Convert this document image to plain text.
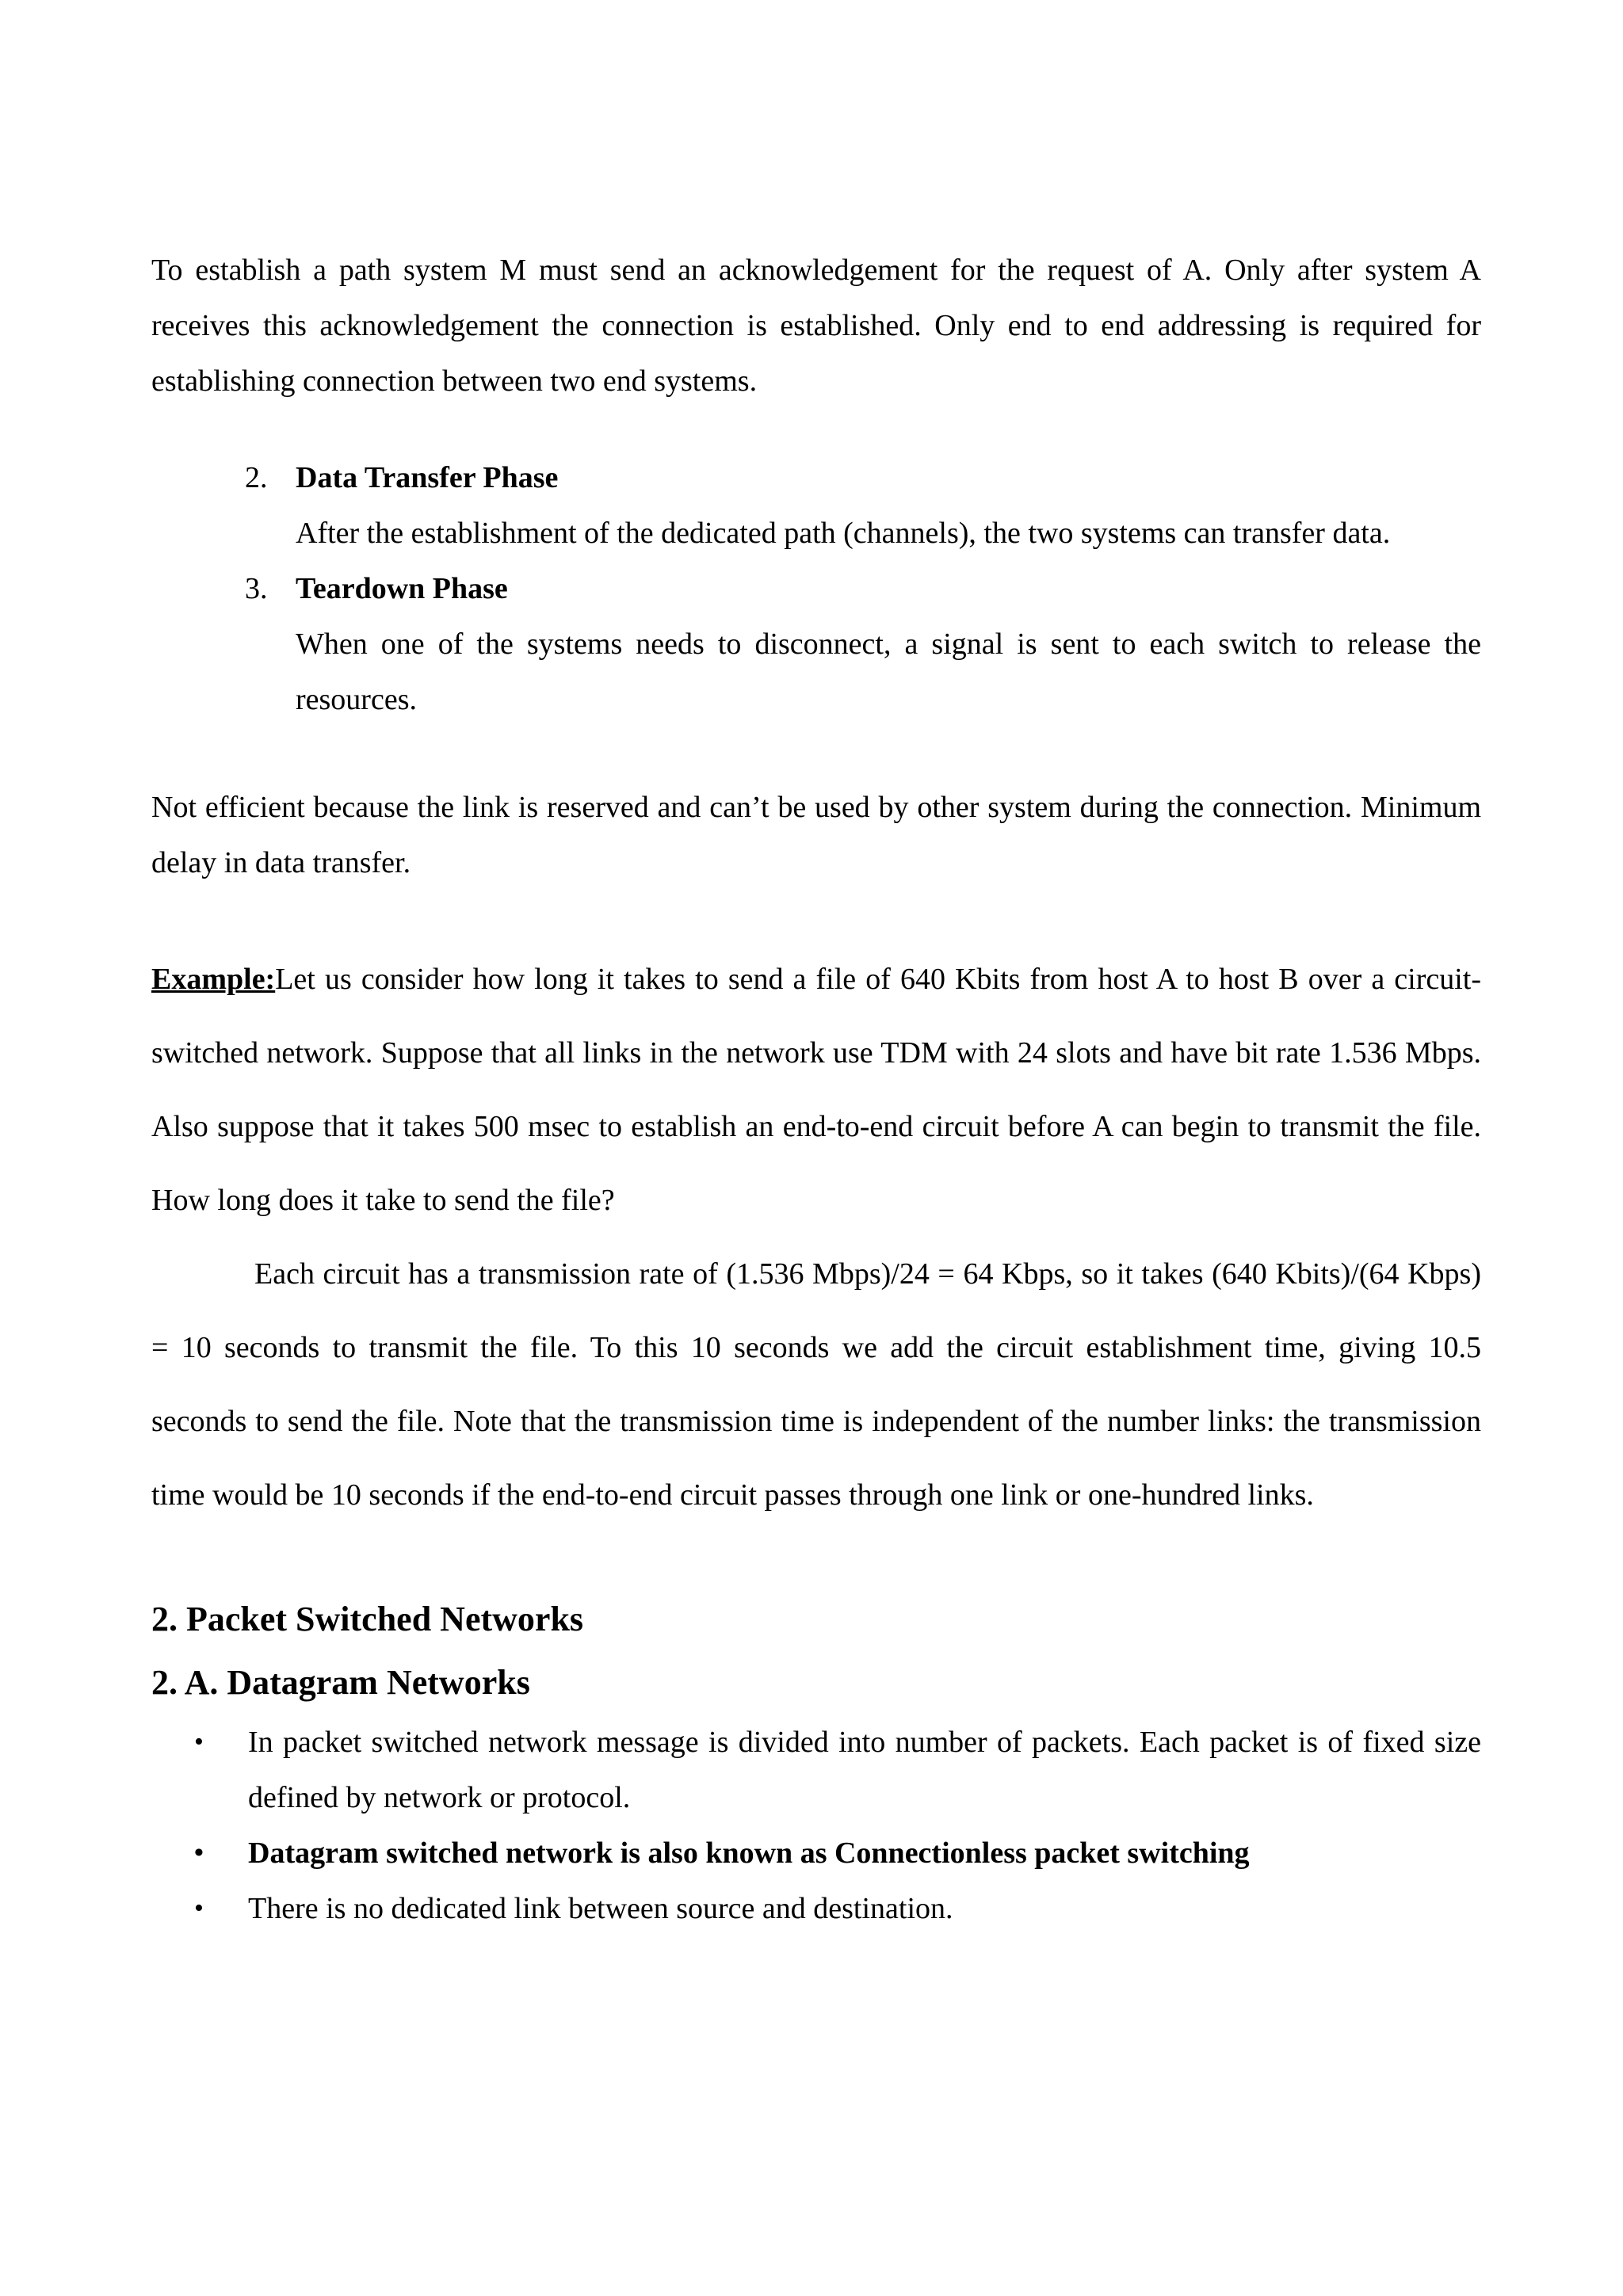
To establish a path system M must send an acknowledgement for the request of A. Only after system A receives this acknowledgement the connection is established. Only end to end addressing is required for establishing connection between two end systems.

2. Data Transfer Phase
After the establishment of the dedicated path (channels), the two systems can transfer data.
3. Teardown Phase
When one of the systems needs to disconnect, a signal is sent to each switch to release the resources.

Not efficient because the link is reserved and can’t be used by other system during the connection. Minimum delay in data transfer.

Example:Let us consider how long it takes to send a file of 640 Kbits from host A to host B over a circuit-switched network. Suppose that all links in the network use TDM with 24 slots and have bit rate 1.536 Mbps. Also suppose that it takes 500 msec to establish an end-to-end circuit before A can begin to transmit the file. How long does it take to send the file?

Each circuit has a transmission rate of (1.536 Mbps)/24 = 64 Kbps, so it takes (640 Kbits)/(64 Kbps) = 10 seconds to transmit the file. To this 10 seconds we add the circuit establishment time, giving 10.5 seconds to send the file. Note that the transmission time is independent of the number links: the transmission time would be 10 seconds if the end-to-end circuit passes through one link or one-hundred links.

2. Packet Switched Networks
2. A. Datagram Networks
• In packet switched network message is divided into number of packets. Each packet is of fixed size defined by network or protocol.
• Datagram switched network is also known as Connectionless packet switching
• There is no dedicated link between source and destination.
